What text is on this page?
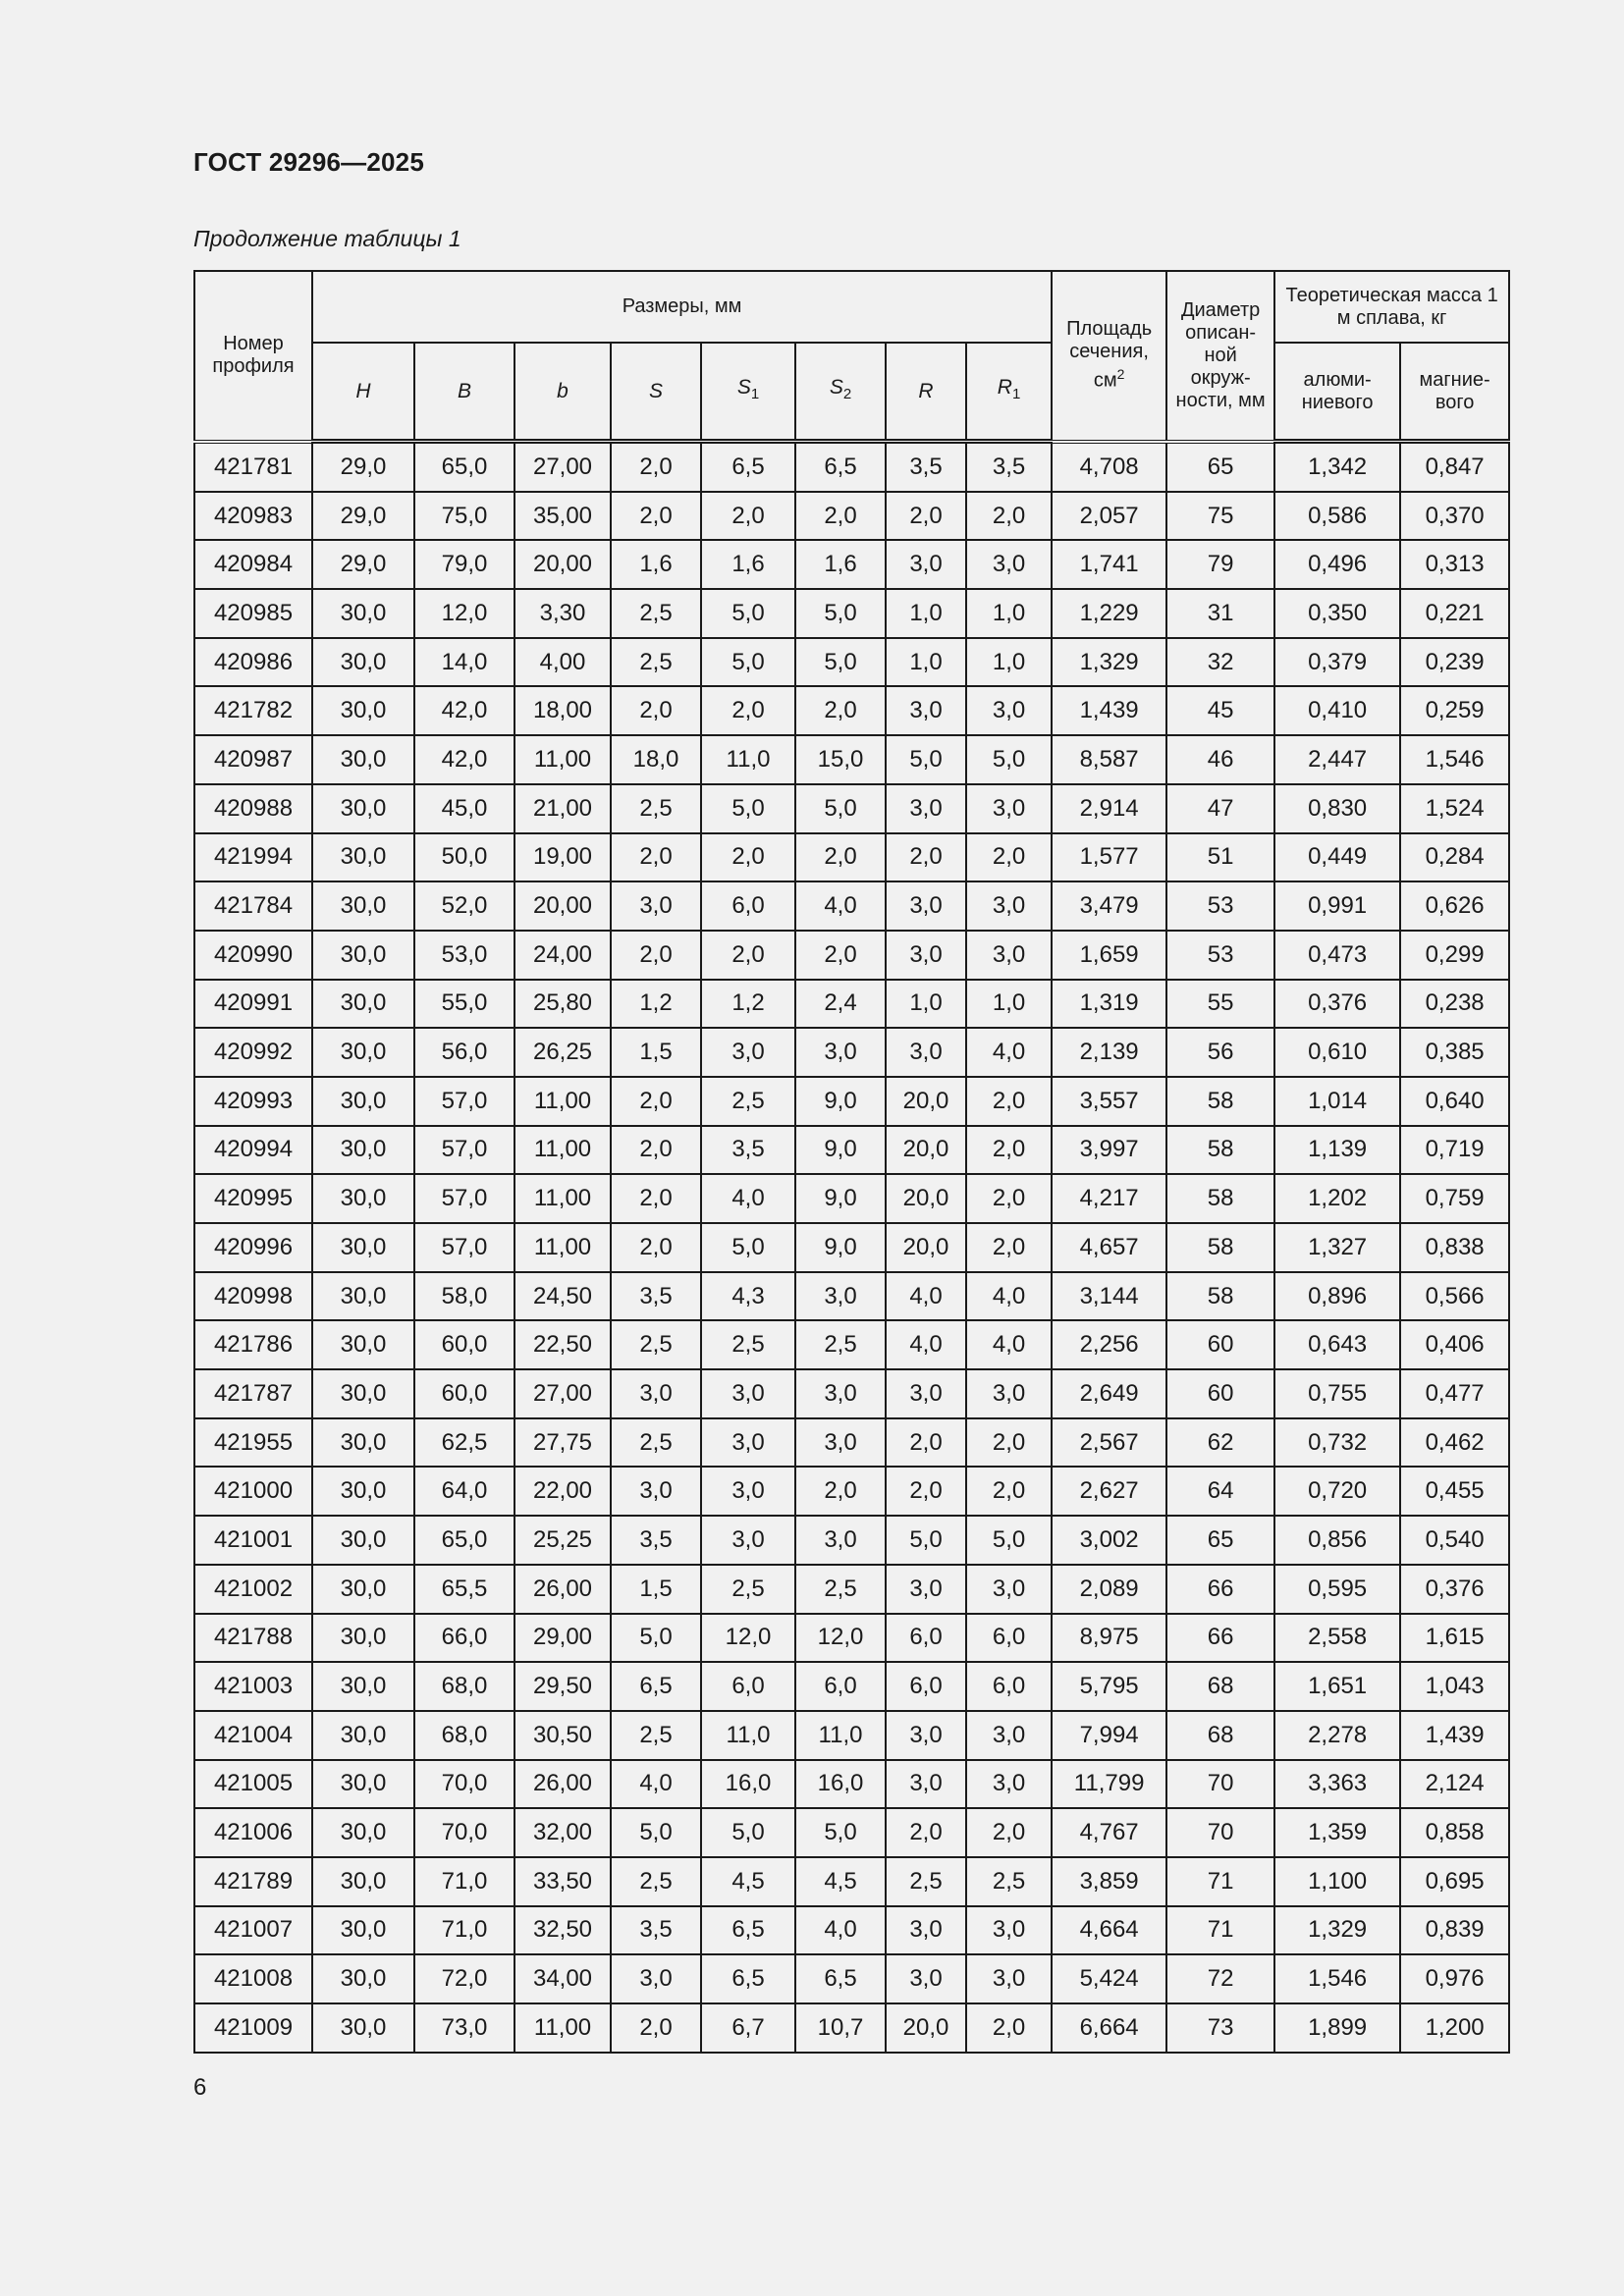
ГОСТ 29296—2025
Продолжение таблицы 1
Номер профиля	Размеры, мм								Площадь сечения, $см^2$	Диаметр описан-ной окруж-ности, мм	Теоретическая масса 1 м сплава, кг	
	H	B	b	S	$S_1$	$S_2$	R	$R_1$			алюми-ниевого	магние-вого
421781	29,0	65,0	27,00	2,0	6,5	6,5	3,5	3,5	4,708	65	1,342	0,847
420983	29,0	75,0	35,00	2,0	2,0	2,0	2,0	2,0	2,057	75	0,586	0,370
420984	29,0	79,0	20,00	1,6	1,6	1,6	3,0	3,0	1,741	79	0,496	0,313
420985	30,0	12,0	3,30	2,5	5,0	5,0	1,0	1,0	1,229	31	0,350	0,221
420986	30,0	14,0	4,00	2,5	5,0	5,0	1,0	1,0	1,329	32	0,379	0,239
421782	30,0	42,0	18,00	2,0	2,0	2,0	3,0	3,0	1,439	45	0,410	0,259
420987	30,0	42,0	11,00	18,0	11,0	15,0	5,0	5,0	8,587	46	2,447	1,546
420988	30,0	45,0	21,00	2,5	5,0	5,0	3,0	3,0	2,914	47	0,830	1,524
421994	30,0	50,0	19,00	2,0	2,0	2,0	2,0	2,0	1,577	51	0,449	0,284
421784	30,0	52,0	20,00	3,0	6,0	4,0	3,0	3,0	3,479	53	0,991	0,626
420990	30,0	53,0	24,00	2,0	2,0	2,0	3,0	3,0	1,659	53	0,473	0,299
420991	30,0	55,0	25,80	1,2	1,2	2,4	1,0	1,0	1,319	55	0,376	0,238
420992	30,0	56,0	26,25	1,5	3,0	3,0	3,0	4,0	2,139	56	0,610	0,385
420993	30,0	57,0	11,00	2,0	2,5	9,0	20,0	2,0	3,557	58	1,014	0,640
420994	30,0	57,0	11,00	2,0	3,5	9,0	20,0	2,0	3,997	58	1,139	0,719
420995	30,0	57,0	11,00	2,0	4,0	9,0	20,0	2,0	4,217	58	1,202	0,759
420996	30,0	57,0	11,00	2,0	5,0	9,0	20,0	2,0	4,657	58	1,327	0,838
420998	30,0	58,0	24,50	3,5	4,3	3,0	4,0	4,0	3,144	58	0,896	0,566
421786	30,0	60,0	22,50	2,5	2,5	2,5	4,0	4,0	2,256	60	0,643	0,406
421787	30,0	60,0	27,00	3,0	3,0	3,0	3,0	3,0	2,649	60	0,755	0,477
421955	30,0	62,5	27,75	2,5	3,0	3,0	2,0	2,0	2,567	62	0,732	0,462
421000	30,0	64,0	22,00	3,0	3,0	2,0	2,0	2,0	2,627	64	0,720	0,455
421001	30,0	65,0	25,25	3,5	3,0	3,0	5,0	5,0	3,002	65	0,856	0,540
421002	30,0	65,5	26,00	1,5	2,5	2,5	3,0	3,0	2,089	66	0,595	0,376
421788	30,0	66,0	29,00	5,0	12,0	12,0	6,0	6,0	8,975	66	2,558	1,615
421003	30,0	68,0	29,50	6,5	6,0	6,0	6,0	6,0	5,795	68	1,651	1,043
421004	30,0	68,0	30,50	2,5	11,0	11,0	3,0	3,0	7,994	68	2,278	1,439
421005	30,0	70,0	26,00	4,0	16,0	16,0	3,0	3,0	11,799	70	3,363	2,124
421006	30,0	70,0	32,00	5,0	5,0	5,0	2,0	2,0	4,767	70	1,359	0,858
421789	30,0	71,0	33,50	2,5	4,5	4,5	2,5	2,5	3,859	71	1,100	0,695
421007	30,0	71,0	32,50	3,5	6,5	4,0	3,0	3,0	4,664	71	1,329	0,839
421008	30,0	72,0	34,00	3,0	6,5	6,5	3,0	3,0	5,424	72	1,546	0,976
421009	30,0	73,0	11,00	2,0	6,7	10,7	20,0	2,0	6,664	73	1,899	1,200
6
